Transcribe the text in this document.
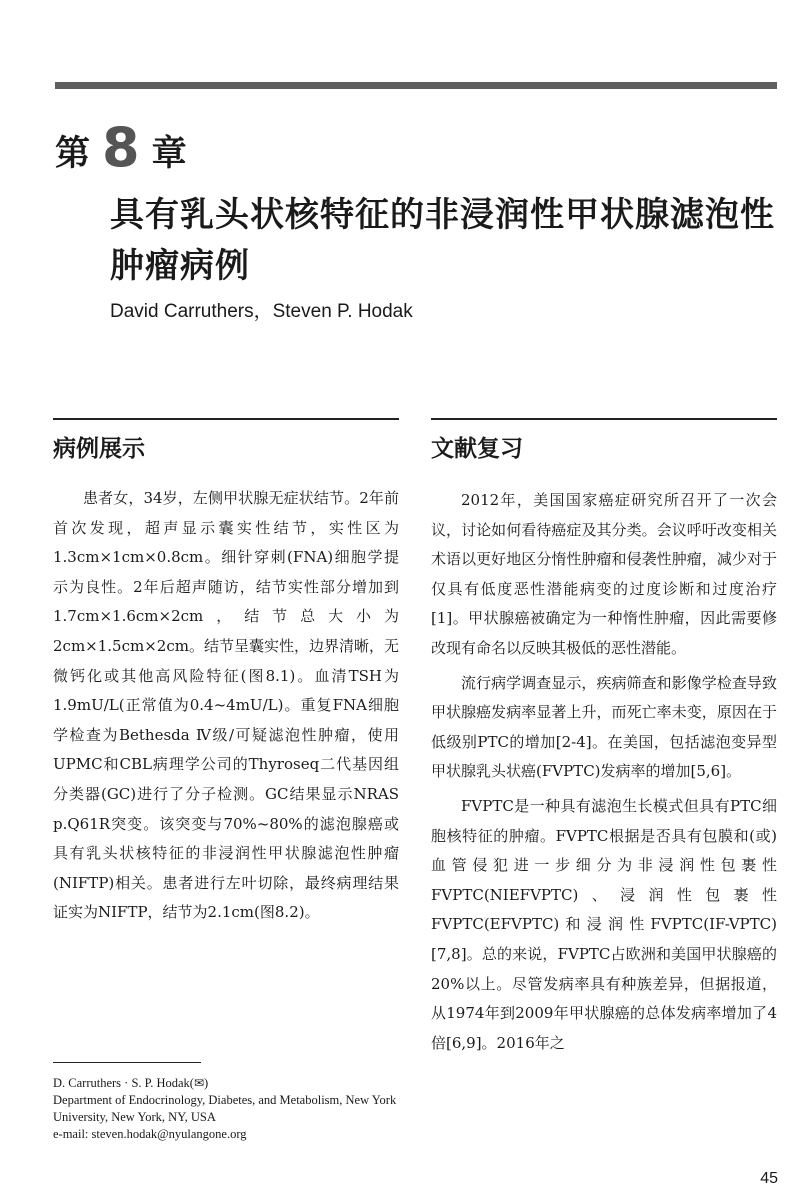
第 8 章
具有乳头状核特征的非浸润性甲状腺滤泡性肿瘤病例
David Carruthers，Steven P. Hodak
病例展示

患者女，34岁，左侧甲状腺无症状结节。2年前首次发现，超声显示囊实性结节，实性区为1.3cm×1cm×0.8cm。细针穿刺(FNA)细胞学提示为良性。2年后超声随访，结节实性部分增加到1.7cm×1.6cm×2cm，结节总大小为2cm×1.5cm×2cm。结节呈囊实性，边界清晰，无微钙化或其他高风险特征(图8.1)。血清TSH为1.9mU/L(正常值为0.4~4mU/L)。重复FNA细胞学检查为Bethesda Ⅳ级/可疑滤泡性肿瘤，使用UPMC和CBL病理学公司的Thyroseq二代基因组分类器(GC)进行了分子检测。GC结果显示NRAS p.Q61R突变。该突变与70%~80%的滤泡腺癌或具有乳头状核特征的非浸润性甲状腺滤泡性肿瘤(NIFTP)相关。患者进行左叶切除，最终病理结果证实为NIFTP，结节为2.1cm(图8.2)。

文献复习

2012年，美国国家癌症研究所召开了一次会议，讨论如何看待癌症及其分类。会议呼吁改变相关术语以更好地区分惰性肿瘤和侵袭性肿瘤，减少对于仅具有低度恶性潜能病变的过度诊断和过度治疗[1]。甲状腺癌被确定为一种惰性肿瘤，因此需要修改现有命名以反映其极低的恶性潜能。

流行病学调查显示，疾病筛查和影像学检查导致甲状腺癌发病率显著上升，而死亡率未变，原因在于低级别PTC的增加[2-4]。在美国，包括滤泡变异型甲状腺乳头状癌(FVPTC)发病率的增加[5,6]。

FVPTC是一种具有滤泡生长模式但具有PTC细胞核特征的肿瘤。FVPTC根据是否具有包膜和(或)血管侵犯进一步细分为非浸润性包裹性FVPTC(NIEFVPTC)、浸润性包裹性FVPTC(EFVPTC)和浸润性FVPTC(IF-VPTC)[7,8]。总的来说，FVPTC占欧洲和美国甲状腺癌的20%以上。尽管发病率具有种族差异，但据报道，从1974年到2009年甲状腺癌的总体发病率增加了4倍[6,9]。2016年之

D. Carruthers · S. P. Hodak(✉)
Department of Endocrinology, Diabetes, and Metabolism, New York University, New York, NY, USA
e-mail: steven.hodak@nyulangone.org
45
